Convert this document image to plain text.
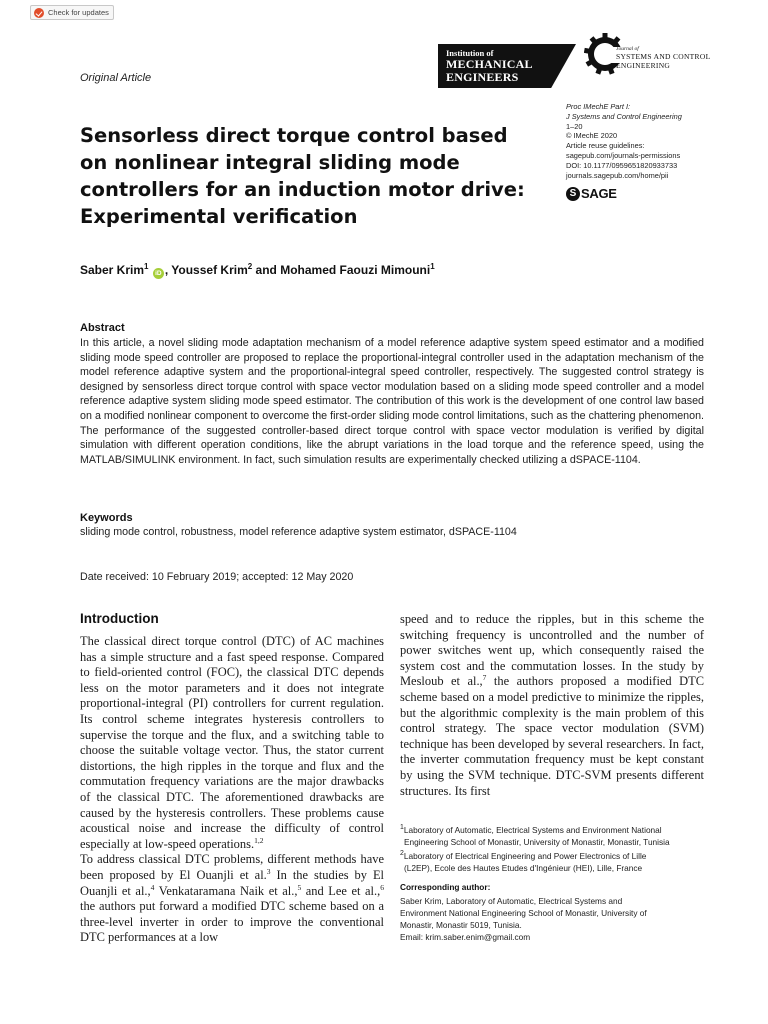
Check for updates
Original Article
Institution of
MECHANICAL
ENGINEERS
Journal of
SYSTEMS AND CONTROL
ENGINEERING
Proc IMechE Part I:
J Systems and Control Engineering
1–20
© IMechE 2020
Article reuse guidelines:
sagepub.com/journals-permissions
DOI: 10.1177/0959651820933733
journals.sagepub.com/home/pii
S SAGE
Sensorless direct torque control based on nonlinear integral sliding mode controllers for an induction motor drive: Experimental verification
Saber Krim$^1$ iD , Youssef Krim$^2$ and Mohamed Faouzi Mimouni$^1$
Abstract
In this article, a novel sliding mode adaptation mechanism of a model reference adaptive system speed estimator and a modified sliding mode speed controller are proposed to replace the proportional-integral controller used in the adaptation mechanism of the model reference adaptive system and the proportional-integral speed controller, respectively. The suggested control strategy is designed by sensorless direct torque control with space vector modulation based on a sliding mode speed controller and a model reference adaptive system sliding mode speed estimator. The contribution of this work is the development of one control law based on a modified nonlinear component to overcome the first-order sliding mode control limitations, such as the chattering phenomenon. The performance of the suggested controller-based direct torque control with space vector modulation is verified by digital simulation with different operation conditions, like the abrupt variations in the load torque and the reference speed, using the MATLAB/SIMULINK environment. In fact, such simulation results are experimentally checked utilizing a dSPACE-1104.
Keywords
sliding mode control, robustness, model reference adaptive system estimator, dSPACE-1104
Date received: 10 February 2019; accepted: 12 May 2020
Introduction
The classical direct torque control (DTC) of AC machines has a simple structure and a fast speed response. Compared to field-oriented control (FOC), the classical DTC depends less on the motor parameters and it does not integrate proportional-integral (PI) controllers for current regulation. Its control scheme integrates hysteresis controllers to supervise the torque and the flux, and a switching table to choose the suitable voltage vector. Thus, the stator current distortions, the high ripples in the torque and flux and the commutation frequency variations are the major drawbacks of the classical DTC. The aforementioned drawbacks are caused by the hysteresis controllers. These problems cause acoustical noise and increase the difficulty of control especially at low-speed operations.$^{1,2}$
To address classical DTC problems, different methods have been proposed by El Ouanjli et al.$^3$ In the studies by El Ouanjli et al.,$^4$ Venkataramana Naik et al.,$^5$ and Lee et al.,$^6$ the authors put forward a modified DTC scheme based on a three-level inverter in order to improve the conventional DTC performances at a low
speed and to reduce the ripples, but in this scheme the switching frequency is uncontrolled and the number of power switches went up, which consequently raised the system cost and the commutation losses. In the study by Mesloub et al.,$^7$ the authors proposed a modified DTC scheme based on a model predictive to minimize the ripples, but the algorithmic complexity is the main problem of this control strategy. The space vector modulation (SVM) technique has been developed by several researchers. In fact, the inverter commutation frequency must be kept constant by using the SVM technique. DTC-SVM presents different structures. Its first
$^1$Laboratory of Automatic, Electrical Systems and Environment National
Engineering School of Monastir, University of Monastir, Monastir, Tunisia
$^2$Laboratory of Electrical Engineering and Power Electronics of Lille
(L2EP), Ecole des Hautes Etudes d'Ingénieur (HEI), Lille, France
Corresponding author:
Saber Krim, Laboratory of Automatic, Electrical Systems and
Environment National Engineering School of Monastir, University of
Monastir, Monastir 5019, Tunisia.
Email: krim.saber.enim@gmail.com
